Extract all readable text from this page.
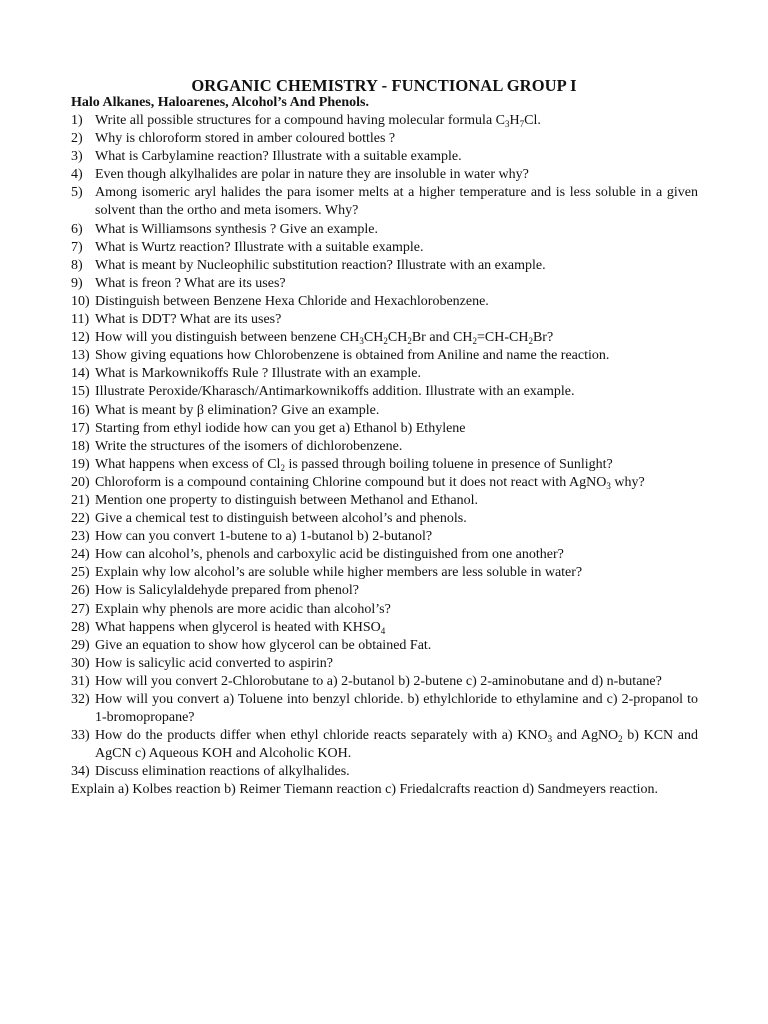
ORGANIC CHEMISTRY - FUNCTIONAL GROUP I
Halo Alkanes, Haloarenes, Alcohol’s And Phenols.
1) Write all possible structures for a compound having molecular formula $C_3H_7Cl$.
2) Why is chloroform stored in amber coloured bottles ?
3) What is Carbylamine reaction? Illustrate with a suitable example.
4) Even though alkylhalides are polar in nature they are insoluble in water why?
5) Among isomeric aryl halides the para isomer melts at a higher temperature and is less soluble in a given solvent than the ortho and meta isomers. Why?
6) What is Williamsons synthesis ? Give an example.
7) What is Wurtz reaction? Illustrate with a suitable example.
8) What is meant by Nucleophilic substitution reaction? Illustrate with an example.
9) What is freon ? What are its uses?
10) Distinguish between Benzene Hexa Chloride and Hexachlorobenzene.
11) What is DDT? What are its uses?
12) How will you distinguish between benzene $CH_3CH_2CH_2Br$ and $CH_2=CH-CH_2Br$?
13) Show giving equations how Chlorobenzene is obtained from Aniline and name the reaction.
14) What is Markownikoffs Rule ? Illustrate with an example.
15) Illustrate Peroxide/Kharasch/Antimarkownikoffs addition. Illustrate with an example.
16) What is meant by β elimination? Give an example.
17) Starting from ethyl iodide how can you get a) Ethanol b) Ethylene
18) Write the structures of the isomers of dichlorobenzene.
19) What happens when excess of $Cl_2$ is passed through boiling toluene in presence of Sunlight?
20) Chloroform is a compound containing Chlorine compound but it does not react with AgNO$_3$ why?
21) Mention one property to distinguish between Methanol and Ethanol.
22) Give a chemical test to distinguish between alcohol’s and phenols.
23) How can you convert 1-butene to a) 1-butanol b) 2-butanol?
24) How can alcohol’s, phenols and carboxylic acid be distinguished from one another?
25) Explain why low alcohol’s are soluble while higher members are less soluble in water?
26) How is Salicylaldehyde prepared from phenol?
27) Explain why phenols are more acidic than alcohol’s?
28) What happens when glycerol is heated with $KHSO_4$
29) Give an equation to show how glycerol can be obtained Fat.
30) How is salicylic acid converted to aspirin?
31) How will you convert 2-Chlorobutane to a) 2-butanol b) 2-butene c) 2-aminobutane and d) n-butane?
32) How will you convert a) Toluene into benzyl chloride. b) ethylchloride to ethylamine and c) 2-propanol to 1-bromopropane?
33) How do the products differ when ethyl chloride reacts separately with a) $KNO_3$ and AgNO$_2$ b) KCN and AgCN c) Aqueous KOH and Alcoholic KOH.
34) Discuss elimination reactions of alkylhalides.
Explain a) Kolbes reaction b) Reimer Tiemann reaction c) Friedalcrafts reaction d) Sandmeyers reaction.
